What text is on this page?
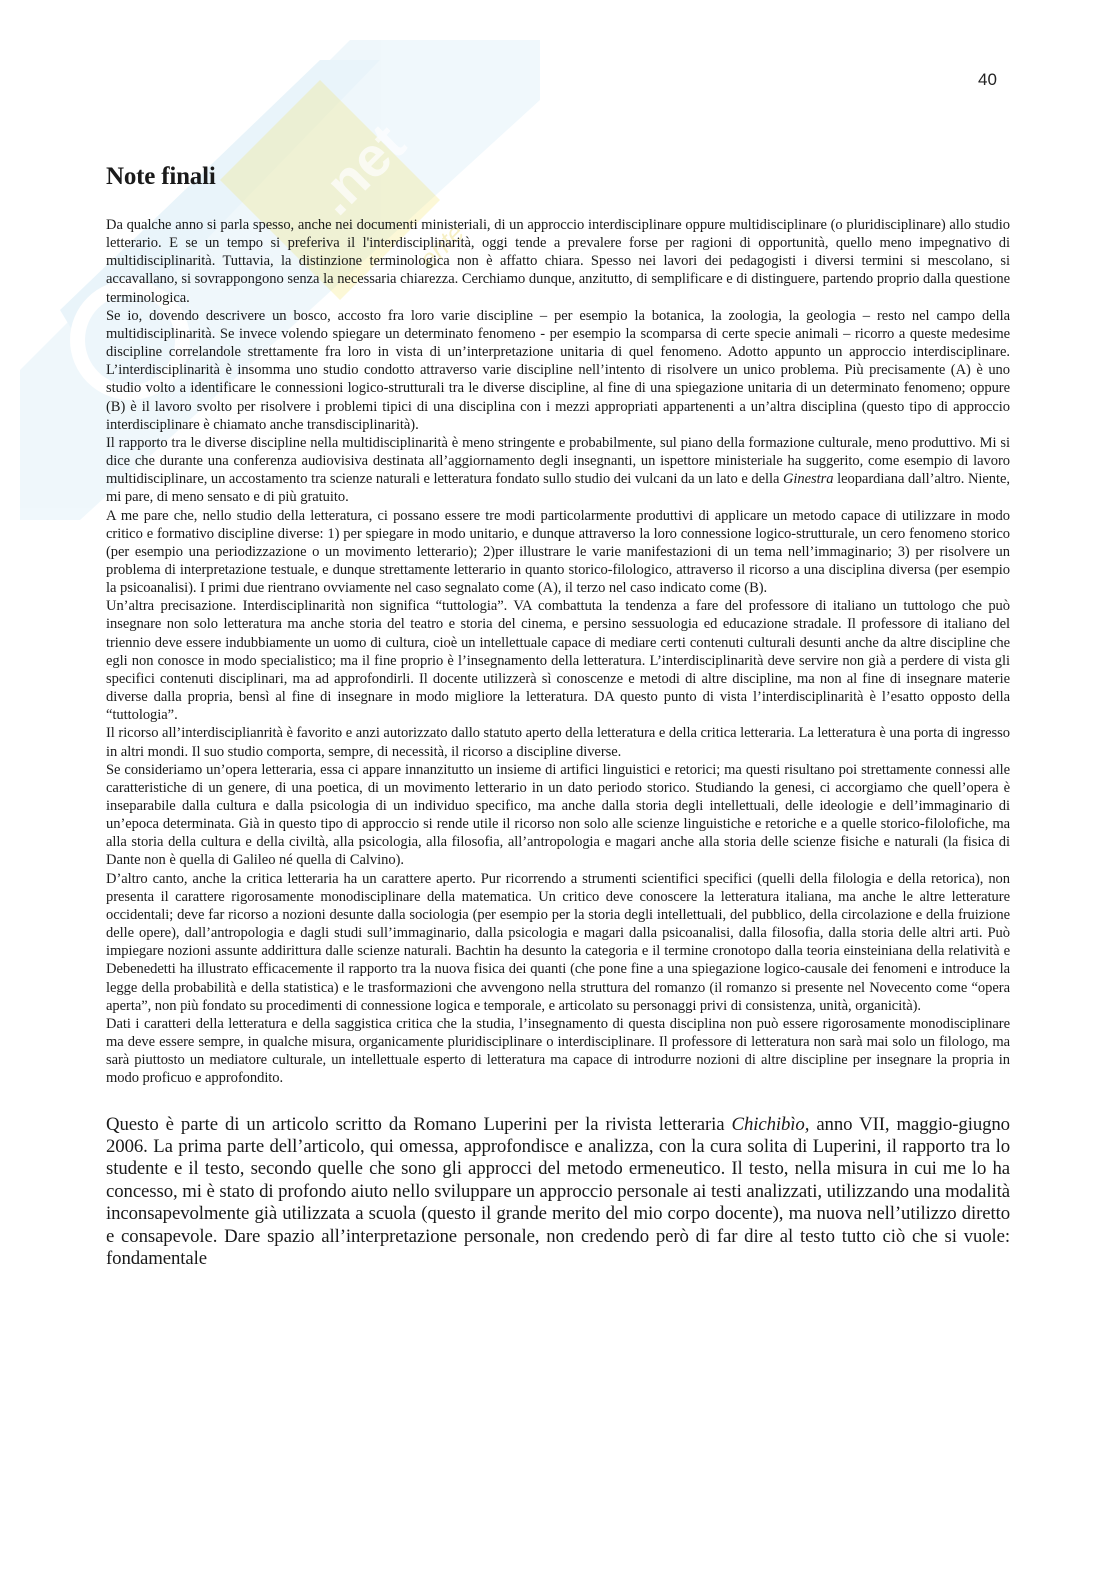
.net
ente
40
Note finali

Da qualche anno si parla spesso, anche nei documenti ministeriali, di un approccio interdisciplinare oppure multidisciplinare (o pluridisciplinare) allo studio letterario. E se un tempo si preferiva il l'interdisciplinarità, oggi tende a prevalere forse per ragioni di opportunità, quello meno impegnativo di multidisciplinarità. Tuttavia, la distinzione terminologica non è affatto chiara. Spesso nei lavori dei pedagogisti i diversi termini si mescolano, si accavallano, si sovrappongono senza la necessaria chiarezza. Cerchiamo dunque, anzitutto, di semplificare e di distinguere, partendo proprio dalla questione terminologica.

Se io, dovendo descrivere un bosco, accosto fra loro varie discipline – per esempio la botanica, la zoologia, la geologia – resto nel campo della multidisciplinarità. Se invece volendo spiegare un determinato fenomeno - per esempio la scomparsa di certe specie animali – ricorro a queste medesime discipline correlandole strettamente fra loro in vista di un’interpretazione unitaria di quel fenomeno. Adotto appunto un approccio interdisciplinare. L’interdisciplinarità è insomma uno studio condotto attraverso varie discipline nell’intento di risolvere un unico problema. Più precisamente (A) è uno studio volto a identificare le connessioni logico-strutturali tra le diverse discipline, al fine di una spiegazione unitaria di un determinato fenomeno; oppure (B) è il lavoro svolto per risolvere i problemi tipici di una disciplina con i mezzi appropriati appartenenti a un’altra disciplina (questo tipo di approccio interdisciplinare è chiamato anche transdisciplinarità).

Il rapporto tra le diverse discipline nella multidisciplinarità è meno stringente e probabilmente, sul piano della formazione culturale, meno produttivo. Mi si dice che durante una conferenza audiovisiva destinata all’aggiornamento degli insegnanti, un ispettore ministeriale ha suggerito, come esempio di lavoro multidisciplinare, un accostamento tra scienze naturali e letteratura fondato sullo studio dei vulcani da un lato e della Ginestra leopardiana dall’altro. Niente, mi pare, di meno sensato e di più gratuito.

A me pare che, nello studio della letteratura, ci possano essere tre modi particolarmente produttivi di applicare un metodo capace di utilizzare in modo critico e formativo discipline diverse: 1) per spiegare in modo unitario, e dunque attraverso la loro connessione logico-strutturale, un cero fenomeno storico (per esempio una periodizzazione o un movimento letterario); 2)per illustrare le varie manifestazioni di un tema nell’immaginario; 3) per risolvere un problema di interpretazione testuale, e dunque strettamente letterario in quanto storico-filologico, attraverso il ricorso a una disciplina diversa (per esempio la psicoanalisi). I primi due rientrano ovviamente nel caso segnalato come (A), il terzo nel caso indicato come (B).

Un’altra precisazione. Interdisciplinarità non significa “tuttologia”. VA combattuta la tendenza a fare del professore di italiano un tuttologo che può insegnare non solo letteratura ma anche storia del teatro e storia del cinema, e persino sessuologia ed educazione stradale. Il professore di italiano del triennio deve essere indubbiamente un uomo di cultura, cioè un intellettuale capace di mediare certi contenuti culturali desunti anche da altre discipline che egli non conosce in modo specialistico; ma il fine proprio è l’insegnamento della letteratura. L’interdisciplinarità deve servire non già a perdere di vista gli specifici contenuti disciplinari, ma ad approfondirli. Il docente utilizzerà sì conoscenze e metodi di altre discipline, ma non al fine di insegnare materie diverse dalla propria, bensì al fine di insegnare in modo migliore la letteratura. DA questo punto di vista l’interdisciplinarità è l’esatto opposto della “tuttologia”.

Il ricorso all’interdisciplianrità è favorito e anzi autorizzato dallo statuto aperto della letteratura e della critica letteraria. La letteratura è una porta di ingresso in altri mondi. Il suo studio comporta, sempre, di necessità, il ricorso a discipline diverse.

Se consideriamo un’opera letteraria, essa ci appare innanzitutto un insieme di artifici linguistici e retorici; ma questi risultano poi strettamente connessi alle caratteristiche di un genere, di una poetica, di un movimento letterario in un dato periodo storico. Studiando la genesi, ci accorgiamo che quell’opera è inseparabile dalla cultura e dalla psicologia di un individuo specifico, ma anche dalla storia degli intellettuali, delle ideologie e dell’immaginario di un’epoca determinata. Già in questo tipo di approccio si rende utile il ricorso non solo alle scienze linguistiche e retoriche e a quelle storico-filolofiche, ma alla storia della cultura e della civiltà, alla psicologia, alla filosofia, all’antropologia e magari anche alla storia delle scienze fisiche e naturali (la fisica di Dante non è quella di Galileo né quella di Calvino).

D’altro canto, anche la critica letteraria ha un carattere aperto. Pur ricorrendo a strumenti scientifici specifici (quelli della filologia e della retorica), non presenta il carattere rigorosamente monodisciplinare della matematica. Un critico deve conoscere la letteratura italiana, ma anche le altre letterature occidentali; deve far ricorso a nozioni desunte dalla sociologia (per esempio per la storia degli intellettuali, del pubblico, della circolazione e della fruizione delle opere), dall’antropologia e dagli studi sull’immaginario, dalla psicologia e magari dalla psicoanalisi, dalla filosofia, dalla storia delle altri arti. Può impiegare nozioni assunte addirittura dalle scienze naturali. Bachtin ha desunto la categoria e il termine cronotopo dalla teoria einsteiniana della relatività e Debenedetti ha illustrato efficacemente il rapporto tra la nuova fisica dei quanti (che pone fine a una spiegazione logico-causale dei fenomeni e introduce la legge della probabilità e della statistica) e le trasformazioni che avvengono nella struttura del romanzo (il romanzo si presente nel Novecento come “opera aperta”, non più fondato su procedimenti di connessione logica e temporale, e articolato su personaggi privi di consistenza, unità, organicità).

Dati i caratteri della letteratura e della saggistica critica che la studia, l’insegnamento di questa disciplina non può essere rigorosamente monodisciplinare ma deve essere sempre, in qualche misura, organicamente pluridisciplinare o interdisciplinare. Il professore di letteratura non sarà mai solo un filologo, ma sarà piuttosto un mediatore culturale, un intellettuale esperto di letteratura ma capace di introdurre nozioni di altre discipline per insegnare la propria in modo proficuo e approfondito.

Questo è parte di un articolo scritto da Romano Luperini per la rivista letteraria Chichibìo, anno VII, maggio-giugno 2006. La prima parte dell’articolo, qui omessa, approfondisce e analizza, con la cura solita di Luperini, il rapporto tra lo studente e il testo, secondo quelle che sono gli approcci del metodo ermeneutico. Il testo, nella misura in cui me lo ha concesso, mi è stato di profondo aiuto nello sviluppare un approccio personale ai testi analizzati, utilizzando una modalità inconsapevolmente già utilizzata a scuola (questo il grande merito del mio corpo docente), ma nuova nell’utilizzo diretto e consapevole. Dare spazio all’interpretazione personale, non credendo però di far dire al testo tutto ciò che si vuole: fondamentale
